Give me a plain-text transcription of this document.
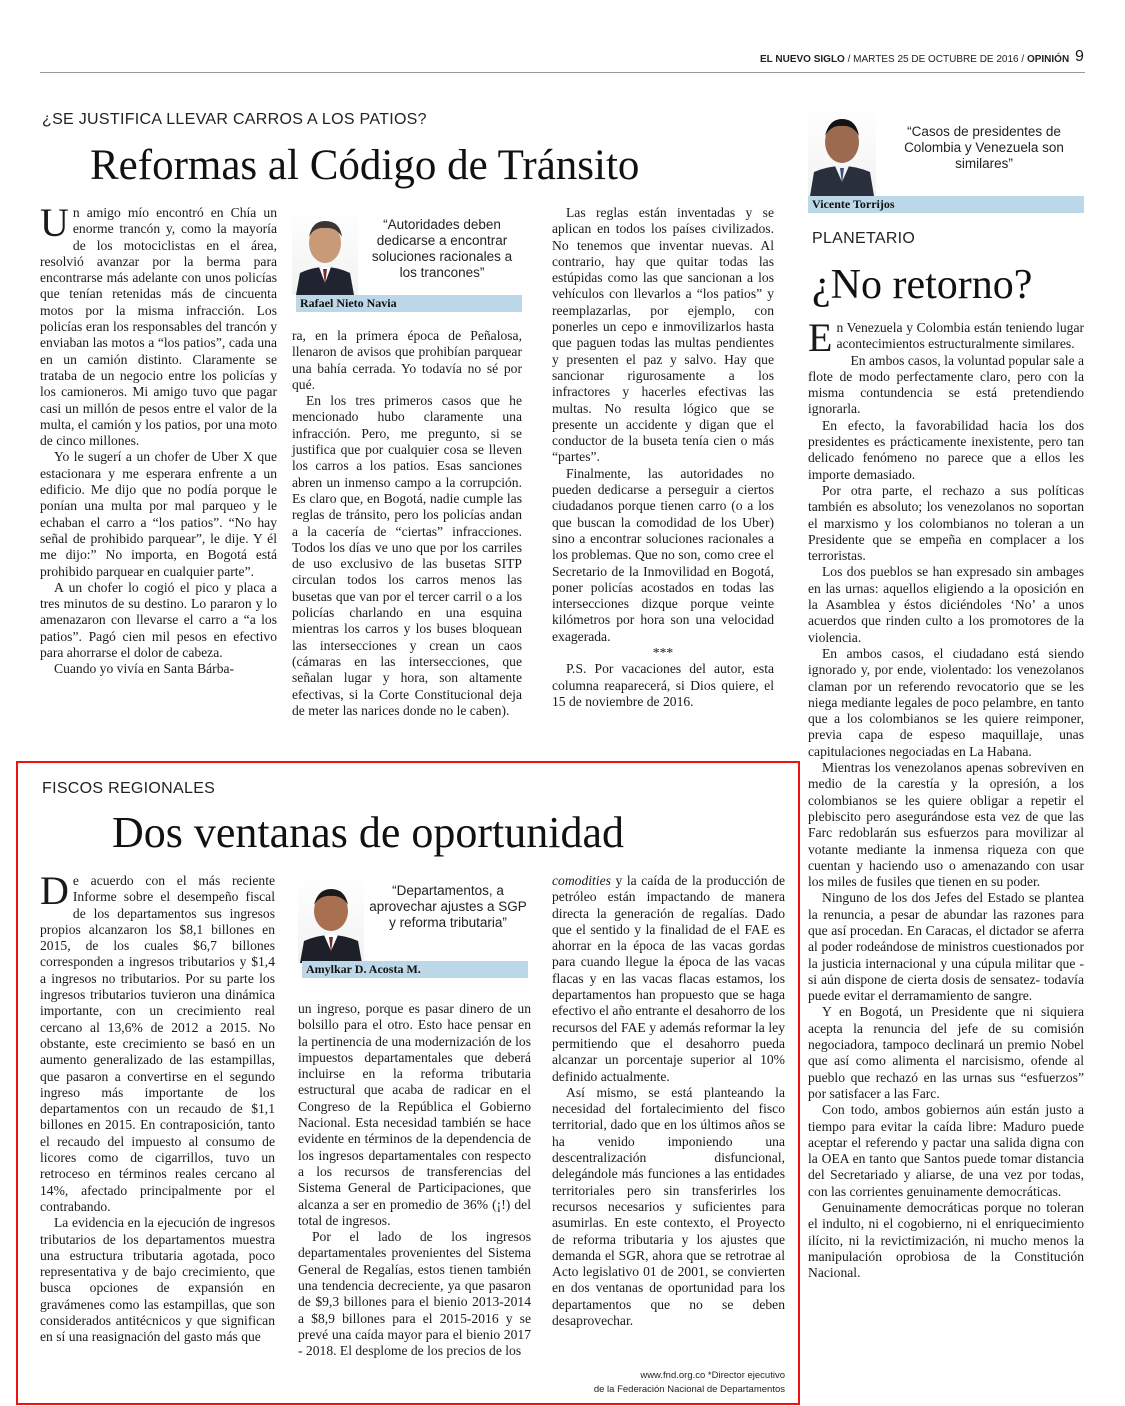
EL NUEVO SIGLO / MARTES 25 DE OCTUBRE DE 2016 / OPINIÓN 9
¿SE JUSTIFICA LLEVAR CARROS A LOS PATIOS?
Reformas al Código de Tránsito

Un amigo mío encontró en Chía un enorme trancón y, como la mayoría de los motociclistas en el área, resolvió avanzar por la berma para encontrarse más adelante con unos policías que tenían retenidas más de cincuenta motos por la misma infracción. Los policías eran los responsables del trancón y enviaban las motos a “los patios”, cada una en un camión distinto. Claramente se trataba de un negocio entre los policías y los camioneros. Mi amigo tuvo que pagar casi un millón de pesos entre el valor de la multa, el camión y los patios, por una moto de cinco millones.

Yo le sugerí a un chofer de Uber X que estacionara y me esperara enfrente a un edificio. Me dijo que no podía porque le ponían una multa por mal parqueo y le echaban el carro a “los patios”. “No hay señal de prohibido parquear”, le dije. Y él me dijo:” No importa, en Bogotá está prohibido parquear en cualquier parte”.

A un chofer lo cogió el pico y placa a tres minutos de su destino. Lo pararon y lo amenazaron con llevarse el carro a “a los patios”. Pagó cien mil pesos en efectivo para ahorrarse el dolor de cabeza.

Cuando yo vivía en Santa Bárba-

“Autoridades deben dedicarse a encontrar soluciones racionales a los trancones”
Rafael Nieto Navia

ra, en la primera época de Peñalosa, llenaron de avisos que prohibían parquear una bahía cerrada. Yo todavía no sé por qué.

En los tres primeros casos que he mencionado hubo claramente una infracción. Pero, me pregunto, si se justifica que por cualquier cosa se lleven los carros a los patios. Esas sanciones abren un inmenso campo a la corrupción. Es claro que, en Bogotá, nadie cumple las reglas de tránsito, pero los policías andan a la cacería de “ciertas” infracciones. Todos los días ve uno que por los carriles de uso exclusivo de las busetas SITP circulan todos los carros menos las busetas que van por el tercer carril o a los policías charlando en una esquina mientras los carros y los buses bloquean las intersecciones y crean un caos (cámaras en las intersecciones, que señalan lugar y hora, son altamente efectivas, si la Corte Constitucional deja de meter las narices donde no le caben).

Las reglas están inventadas y se aplican en todos los países civilizados. No tenemos que inventar nuevas. Al contrario, hay que quitar todas las estúpidas como las que sancionan a los vehículos con llevarlos a “los patios” y reemplazarlas, por ejemplo, con ponerles un cepo e inmovilizarlos hasta que paguen todas las multas pendientes y presenten el paz y salvo. Hay que sancionar rigurosamente a los infractores y hacerles efectivas las multas. No resulta lógico que se presente un accidente y digan que el conductor de la buseta tenía cien o más “partes”.

Finalmente, las autoridades no pueden dedicarse a perseguir a ciertos ciudadanos porque tienen carro (o a los que buscan la comodidad de los Uber) sino a encontrar soluciones racionales a los problemas. Que no son, como cree el Secretario de la Inmovilidad en Bogotá, poner policías acostados en todas las intersecciones dizque porque veinte kilómetros por hora son una velocidad exagerada.

***

P.S. Por vacaciones del autor, esta columna reaparecerá, si Dios quiere, el 15 de noviembre de 2016.

FISCOS REGIONALES
Dos ventanas de oportunidad

De acuerdo con el más reciente Informe sobre el desempeño fiscal de los departamentos sus ingresos propios alcanzaron los $8,1 billones en 2015, de los cuales $6,7 billones corresponden a ingresos tributarios y $1,4 a ingresos no tributarios. Por su parte los ingresos tributarios tuvieron una dinámica importante, con un crecimiento real cercano al 13,6% de 2012 a 2015. No obstante, este crecimiento se basó en un aumento generalizado de las estampillas, que pasaron a convertirse en el segundo ingreso más importante de los departamentos con un recaudo de $1,1 billones en 2015. En contraposición, tanto el recaudo del impuesto al consumo de licores como de cigarrillos, tuvo un retroceso en términos reales cercano al 14%, afectado principalmente por el contrabando.

La evidencia en la ejecución de ingresos tributarios de los departamentos muestra una estructura tributaria agotada, poco representativa y de bajo crecimiento, que busca opciones de expansión en gravámenes como las estampillas, que son considerados antitécnicos y que significan en sí una reasignación del gasto más que

“Departamentos, a aprovechar ajustes a SGP y reforma tributaria”
Amylkar D. Acosta M.

un ingreso, porque es pasar dinero de un bolsillo para el otro. Esto hace pensar en la pertinencia de una modernización de los impuestos departamentales que deberá incluirse en la reforma tributaria estructural que acaba de radicar en el Congreso de la República el Gobierno Nacional. Esta necesidad también se hace evidente en términos de la dependencia de los ingresos departamentales con respecto a los recursos de transferencias del Sistema General de Participaciones, que alcanza a ser en promedio de 36% (¡!) del total de ingresos.

Por el lado de los ingresos departamentales provenientes del Sistema General de Regalías, estos tienen también una tendencia decreciente, ya que pasaron de $9,3 billones para el bienio 2013-2014 a $8,9 billones para el 2015-2016 y se prevé una caída mayor para el bienio 2017 - 2018. El desplome de los precios de los

comodities y la caída de la producción de petróleo están impactando de manera directa la generación de regalías. Dado que el sentido y la finalidad de el FAE es ahorrar en la época de las vacas gordas para cuando llegue la época de las vacas flacas y en las vacas flacas estamos, los departamentos han propuesto que se haga efectivo el año entrante el desahorro de los recursos del FAE y además reformar la ley permitiendo que el desahorro pueda alcanzar un porcentaje superior al 10% definido actualmente.

Así mismo, se está planteando la necesidad del fortalecimiento del fisco territorial, dado que en los últimos años se ha venido imponiendo una descentralización disfuncional, delegándole más funciones a las entidades territoriales pero sin transferirles los recursos necesarios y suficientes para asumirlas. En este contexto, el Proyecto de reforma tributaria y los ajustes que demanda el SGR, ahora que se retrotrae al Acto legislativo 01 de 2001, se convierten en dos ventanas de oportunidad para los departamentos que no se deben desaprovechar.

www.fnd.org.co *Director ejecutivo
de la Federación Nacional de Departamentos
“Casos de presidentes de Colombia y Venezuela son similares”
Vicente Torrijos
PLANETARIO
¿No retorno?

En Venezuela y Colombia están teniendo lugar acontecimientos estructuralmente similares.

En ambos casos, la voluntad popular sale a flote de modo perfectamente claro, pero con la misma contundencia se está pretendiendo ignorarla.

En efecto, la favorabilidad hacia los dos presidentes es prácticamente inexistente, pero tan delicado fenómeno no parece que a ellos les importe demasiado.

Por otra parte, el rechazo a sus políticas también es absoluto; los venezolanos no soportan el marxismo y los colombianos no toleran a un Presidente que se empeña en complacer a los terroristas.

Los dos pueblos se han expresado sin ambages en las urnas: aquellos eligiendo a la oposición en la Asamblea y éstos diciéndoles ‘No’ a unos acuerdos que rinden culto a los promotores de la violencia.

En ambos casos, el ciudadano está siendo ignorado y, por ende, violentado: los venezolanos claman por un referendo revocatorio que se les niega mediante legales de poco pelambre, en tanto que a los colombianos se les quiere reimponer, previa capa de espeso maquillaje, unas capitulaciones negociadas en La Habana.

Mientras los venezolanos apenas sobreviven en medio de la carestía y la opresión, a los colombianos se les quiere obligar a repetir el plebiscito pero asegurándose esta vez de que las Farc redoblarán sus esfuerzos para movilizar al votante mediante la inmensa riqueza con que cuentan y haciendo uso o amenazando con usar los miles de fusiles que tienen en su poder.

Ninguno de los dos Jefes del Estado se plantea la renuncia, a pesar de abundar las razones para que así procedan. En Caracas, el dictador se aferra al poder rodeándose de ministros cuestionados por la justicia internacional y una cúpula militar que -si aún dispone de cierta dosis de sensatez- todavía puede evitar el derramamiento de sangre.

Y en Bogotá, un Presidente que ni siquiera acepta la renuncia del jefe de su comisión negociadora, tampoco declinará un premio Nobel que así como alimenta el narcisismo, ofende al pueblo que rechazó en las urnas sus “esfuerzos” por satisfacer a las Farc.

Con todo, ambos gobiernos aún están justo a tiempo para evitar la caída libre: Maduro puede aceptar el referendo y pactar una salida digna con la OEA en tanto que Santos puede tomar distancia del Secretariado y aliarse, de una vez por todas, con las corrientes genuinamente democráticas.

Genuinamente democráticas porque no toleran el indulto, ni el cogobierno, ni el enriquecimiento ilícito, ni la revictimización, ni mucho menos la manipulación oprobiosa de la Constitución Nacional.
